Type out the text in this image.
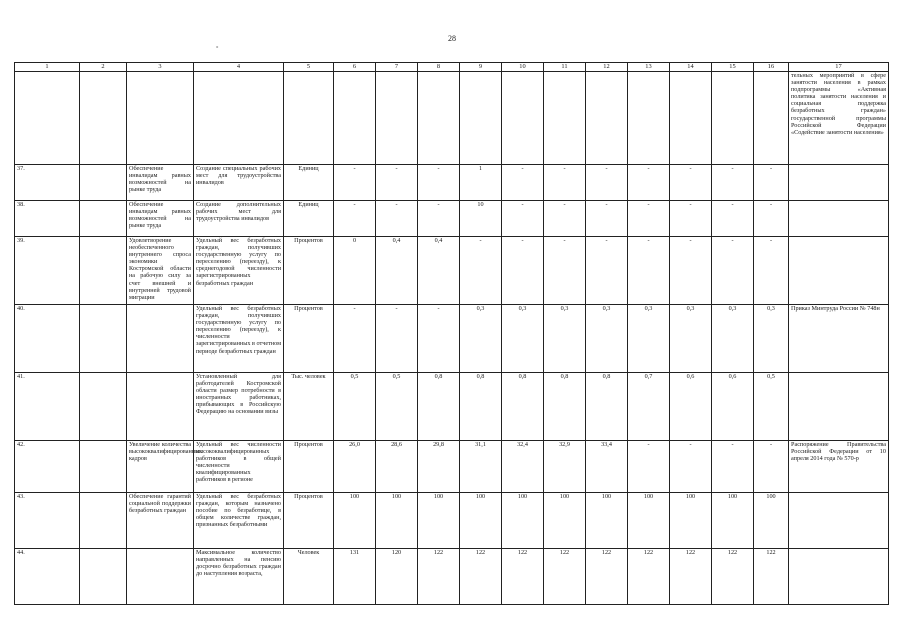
28
°
1	2	3	4	5	6	7	8	9	10	11	12	13	14	15	16	17
																тельных мероприятий в сфере занятости населения в рамках подпрограммы «Активная политика занятости населения и социальная поддержка безработных граждан» государственной программы Российской Федерации «Содействие занятости населения»
37.		Обеспечение инвалидам равных возможностей на рынке труда	Создание специальных рабочих мест для трудоустройства инвалидов	Единиц	-	-	-	1	-	-	-	-	-	-	-	
38.		Обеспечение инвалидам равных возможностей на рынке труда	Создание дополнительных рабочих мест для трудоустройства инвалидов	Единиц	-	-	-	10	-	-	-	-	-	-	-	
39.		Удовлетворение необеспеченного внутреннего спроса экономики Костромской области на рабочую силу за счет внешней и внутренней трудовой миграции	Удельный вес безработных граждан, получивших государственную услугу по переселению (переезду), к среднегодовой численности зарегистрированных безработных граждан	Процентов	0	0,4	0,4	-	-	-	-	-	-	-	-	
40.			Удельный вес безработных граждан, получивших государственную услугу по переселению (переезду), к численности зарегистрированных в отчетном периоде безработных граждан	Процентов	-	-	-	0,3	0,3	0,3	0,3	0,3	0,3	0,3	0,3	Приказ Минтруда России № 748н
41.			Установленный для работодателей Костромской области размер потребности в иностранных работниках, прибывающих в Российскую Федерацию на основании визы	Тыс. человек	0,5	0,5	0,8	0,8	0,8	0,8	0,8	0,7	0,6	0,6	0,5	
42.		Увеличение количества высококвалифицированных кадров	Удельный вес численности высококвалифицированных работников в общей численности квалифицированных работников в регионе	Процентов	26,0	28,6	29,8	31,1	32,4	32,9	33,4	-	-	-	-	Распоряжение Правительства Российской Федерации от 10 апреля 2014 года № 570-р
43.		Обеспечение гарантий социальной поддержки безработных граждан	Удельный вес безработных граждан, которым назначено пособие по безработице, в общем количестве граждан, признанных безработными	Процентов	100	100	100	100	100	100	100	100	100	100	100	
44.			Максимальное количество направленных на пенсию досрочно безработных граждан до наступления возраста,	Человек	131	120	122	122	122	122	122	122	122	122	122	
